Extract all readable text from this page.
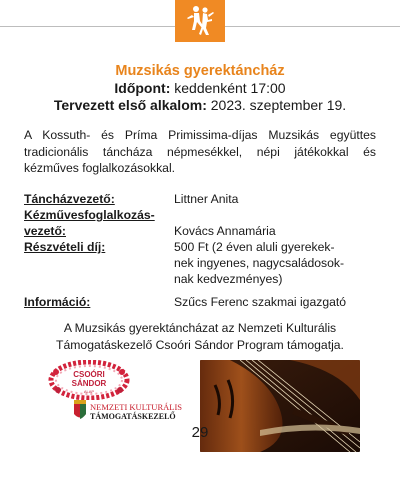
Muzsikás gyerektáncház
Időpont: keddenként 17:00
Tervezett első alkalom: 2023. szeptember 19.
A Kossuth- és Príma Primissima-díjas Muzsikás együttes tradicionális táncháza népmesékkel, népi játékokkal és kézműves foglalkozásokkal.
Táncházvezető:	Littner Anita
Kézművesfoglalkozás-
vezető:	Kovács Annamária
Részvételi díj:	500 Ft (2 éven aluli gyerekek-
nek ingyenes, nagycsaládosok-
nak kedvezményes)
Információ:	Szűcs Ferenc szakmai igazgató
A Muzsikás gyerektáncházat az Nemzeti Kulturális
Támogatáskezelő Csoóri Sándor Program támogatja.
CSOÓRI
SÁNDOR
ALAP
NEMZETI KULTURÁLIS
TÁMOGATÁSKEZELŐ
29
